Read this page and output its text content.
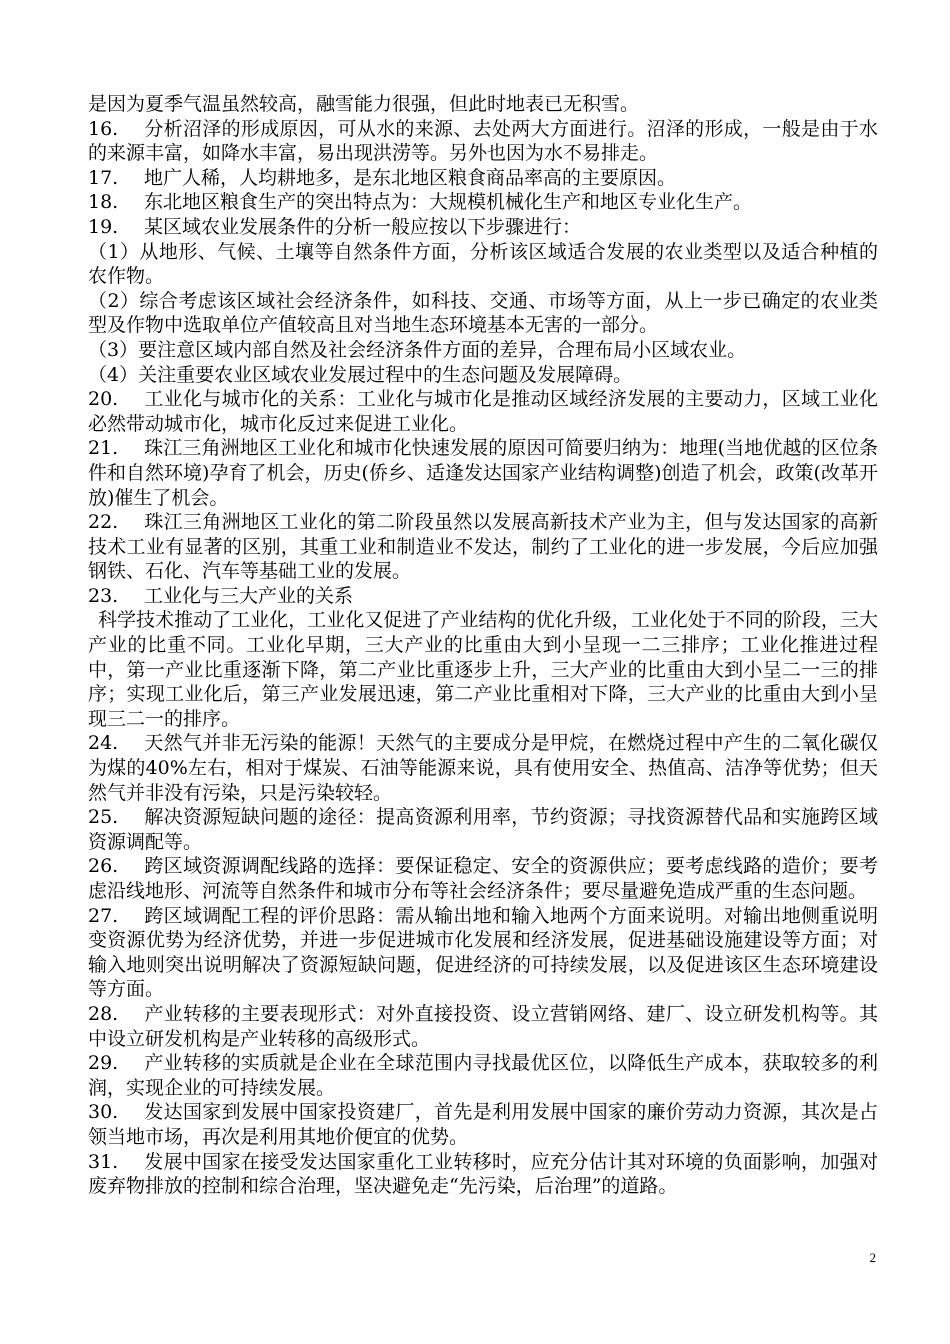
是因为夏季气温虽然较高，融雪能力很强，但此时地表已无积雪。

16. 分析沼泽的形成原因，可从水的来源、去处两大方面进行。沼泽的形成，一般是由于水的来源丰富，如降水丰富，易出现洪涝等。另外也因为水不易排走。

17. 地广人稀，人均耕地多，是东北地区粮食商品率高的主要原因。

18. 东北地区粮食生产的突出特点为：大规模机械化生产和地区专业化生产。

19. 某区域农业发展条件的分析一般应按以下步骤进行：

（1）从地形、气候、土壤等自然条件方面，分析该区域适合发展的农业类型以及适合种植的农作物。

（2）综合考虑该区域社会经济条件，如科技、交通、市场等方面，从上一步已确定的农业类型及作物中选取单位产值较高且对当地生态环境基本无害的一部分。

（3）要注意区域内部自然及社会经济条件方面的差异，合理布局小区域农业。

（4）关注重要农业区域农业发展过程中的生态问题及发展障碍。

20. 工业化与城市化的关系：工业化与城市化是推动区域经济发展的主要动力，区域工业化必然带动城市化，城市化反过来促进工业化。

21. 珠江三角洲地区工业化和城市化快速发展的原因可简要归纳为：地理(当地优越的区位条件和自然环境)孕育了机会，历史(侨乡、适逢发达国家产业结构调整)创造了机会，政策(改革开放)催生了机会。

22. 珠江三角洲地区工业化的第二阶段虽然以发展高新技术产业为主，但与发达国家的高新技术工业有显著的区别，其重工业和制造业不发达，制约了工业化的进一步发展，今后应加强钢铁、石化、汽车等基础工业的发展。

23. 工业化与三大产业的关系

科学技术推动了工业化，工业化又促进了产业结构的优化升级，工业化处于不同的阶段，三大产业的比重不同。工业化早期，三大产业的比重由大到小呈现一二三排序；工业化推进过程中，第一产业比重逐渐下降，第二产业比重逐步上升，三大产业的比重由大到小呈二一三的排序；实现工业化后，第三产业发展迅速，第二产业比重相对下降，三大产业的比重由大到小呈现三二一的排序。

24. 天然气并非无污染的能源！天然气的主要成分是甲烷，在燃烧过程中产生的二氧化碳仅为煤的40%左右，相对于煤炭、石油等能源来说，具有使用安全、热值高、洁净等优势；但天然气并非没有污染，只是污染较轻。

25. 解决资源短缺问题的途径：提高资源利用率，节约资源；寻找资源替代品和实施跨区域资源调配等。

26. 跨区域资源调配线路的选择：要保证稳定、安全的资源供应；要考虑线路的造价；要考虑沿线地形、河流等自然条件和城市分布等社会经济条件；要尽量避免造成严重的生态问题。

27. 跨区域调配工程的评价思路：需从输出地和输入地两个方面来说明。对输出地侧重说明变资源优势为经济优势，并进一步促进城市化发展和经济发展，促进基础设施建设等方面；对输入地则突出说明解决了资源短缺问题，促进经济的可持续发展，以及促进该区生态环境建设等方面。

28. 产业转移的主要表现形式：对外直接投资、设立营销网络、建厂、设立研发机构等。其中设立研发机构是产业转移的高级形式。

29. 产业转移的实质就是企业在全球范围内寻找最优区位，以降低生产成本，获取较多的利润，实现企业的可持续发展。

30. 发达国家到发展中国家投资建厂，首先是利用发展中国家的廉价劳动力资源，其次是占领当地市场，再次是利用其地价便宜的优势。

31. 发展中国家在接受发达国家重化工业转移时，应充分估计其对环境的负面影响，加强对废弃物排放的控制和综合治理，坚决避免走“先污染，后治理”的道路。

2
